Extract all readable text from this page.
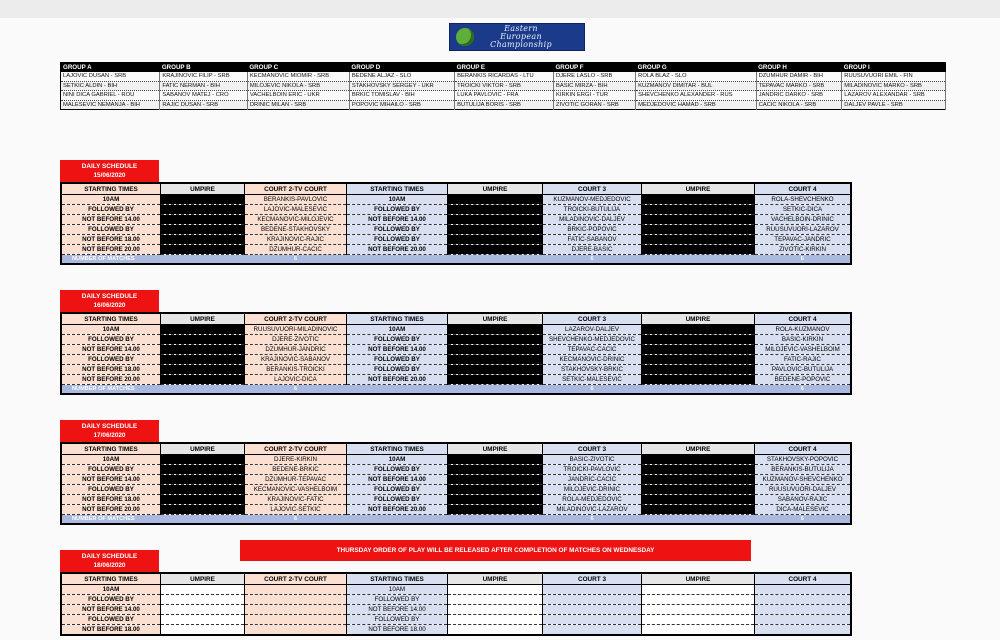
Eastern European Championship
GROUP A	GROUP B	GROUP C	GROUP D	GROUP E	GROUP F	GROUP G	GROUP H	GROUP I
LAJOVIC DUSAN - SRB	KRAJINOVIC FILIP - SRB	KECMANOVIC MIOMIR - SRB	BEDENE ALJAZ - SLO	BERANKIS RICARDAS - LTU	DJERE LASLO - SRB	ROLA BLAZ - SLO	DZUMHUR DAMIR - BIH	RUUSUVUORI EMIL - FIN
SETKIC ALDIN - BIH	FATIC NERMAN - BIH	MILOJEVIC NIKOLA - SRB	STAKHOVSKY SERGEY - UKR	TROICKI VIKTOR - SRB	BASIC MIRZA - BIH	KUZMANOV DIMITAR - BUL	TEPAVAC MARKO - SRB	MILADINOVIC MARKO - SRB
NINI DICA GABRIEL - ROU	SABANOV MATEJ - CRO	VACHELBOIN ERIC - UKR	BRKIC TOMISLAV - BIH	LUKA PAVLOVIC - FRA	KIRKIN ERGI - TUR	SHEVCHENKO ALEXANDER - RUS	JANDRIC DARKO - SRB	LAZAROV ALEXANDAR - SRB
MALESEVIC NEMANJA - BIH	RAJIC DUSAN - SRB	DRINIC MILAN - SRB	POPOVIC MIHAILO - SRB	BUTULIJA BORIS - SRB	ZIVOTIC GORAN - SRB	MEDJEDOVIC HAMAD - SRB	CACIC NIKOLA - SRB	DALJEV PAVLE - SRB
DAILY SCHEDULE
15/06/2020
STARTING TIMES	UMPIRE	COURT 2-TV COURT	STARTING TIMES	UMPIRE	COURT 3	UMPIRE	COURT 4
10AM		BERANKIS-PAVLOVIC	10AM		KUZMANOV-MEDJEDOVIC		ROLA-SHEVCHENKO
FOLLOWED BY		LAJOVIC-MALESEVIC	FOLLOWED BY		TROICKI-BUTULIJA		SETKIC-DICA
NOT BEFORE 14.00		KECMANOVIC-MILOJEVIC	NOT BEFORE 14.00		MILADINOVIC-DALJEV		VACHELBOIN-DRINIC
FOLLOWED BY		BEDENE-STAKHOVSKY	FOLLOWED BY		BRKIC-POPOVIC		RUUSUVUORI-LAZAROV
NOT BEFORE 18.00		KRAJINOVIC-RAJIC	FOLLOWED BY		FATIC-SABANOV		TEPAVAC-JANDRIC
NOT BEFORE 20.00		DZUMHUR-CACIC	NOT BEFORE 20.00		DJERE-BASIC		ZIVOTIC-KIRKIN
NUMBER OF MATCHES		6			6		6
DAILY SCHEDULE
16/06/2020
STARTING TIMES	UMPIRE	COURT 2-TV COURT	STARTING TIMES	UMPIRE	COURT 3	UMPIRE	COURT 4
10AM		RUUSUVUORI-MILADINOVIC	10AM		LAZAROV-DALJEV		ROLA-KUZMANOV
FOLLOWED BY		DJERE-ZIVOTIC	FOLLOWED BY		SHEVCHENKO-MEDJEDOVIC		BASIC-KIRKIN
NOT BEFORE 14.00		DZUMHUR-JANDRIC	NOT BEFORE 14.00		TEPAVAC-CACIC		MILOJEVIC-VASHELBOIM
FOLLOWED BY		KRAJINOVIC-SABANOV	FOLLOWED BY		KECMANOVIC-DRINIC		FATIC-RAJIC
NOT BEFORE 18.00		BERANKIS-TROICKI	FOLLOWED BY		STAKHOVSKY-BRKIC		PAVLOVIC-BUTULIJA
NOT BEFORE 20.00		LAJOVIC-DICA	NOT BEFORE 20.00		SETKIC-MALESEVIC		BEDENE-POPOVIC
NUMBER OF MATCHES		6			6		6
DAILY SCHEDULE
17/06/2020
STARTING TIMES	UMPIRE	COURT 2-TV COURT	STARTING TIMES	UMPIRE	COURT 3	UMPIRE	COURT 4
10AM		DJERE-KIRKIN	10AM		BASIC-ZIVOTIC		STAKHOVSKY-POPOVIC
FOLLOWED BY		BEDENE-BRKIC	FOLLOWED BY		TROICKI-PAVLOVIC		BERANKIS-BUTULIJA
NOT BEFORE 14.00		DZUMHUR-TEPAVAC	NOT BEFORE 14.00		JANDRIC-CACIC		KUZMANOV-SHEVCHENKO
FOLLOWED BY		KECMANOVIC-VASHELBOIM	FOLLOWED BY		MILOJEVIC-DRINIC		RUUSUVUORI-DALJEV
NOT BEFORE 18.00		KRAJINOVIC-FATIC	FOLLOWED BY		ROLA-MEDJEDOVIC		SABANOV-RAJIC
NOT BEFORE 20.00		LAJOVIC-SETKIC	NOT BEFORE 20.00		MILADINOVIC-LAZAROV		DICA-MALESEVIC
NUMBER OF MATCHES		6			6		6
DAILY SCHEDULE
18/06/2020
THURSDAY ORDER OF PLAY WILL BE RELEASED AFTER COMPLETION OF MATCHES ON WEDNESDAY
STARTING TIMES	UMPIRE	COURT 2-TV COURT	STARTING TIMES	UMPIRE	COURT 3	UMPIRE	COURT 4
10AM			10AM				
FOLLOWED BY			FOLLOWED BY				
NOT BEFORE 14.00			NOT BEFORE 14.00				
FOLLOWED BY			FOLLOWED BY				
NOT BEFORE 18.00			NOT BEFORE 18.00				
